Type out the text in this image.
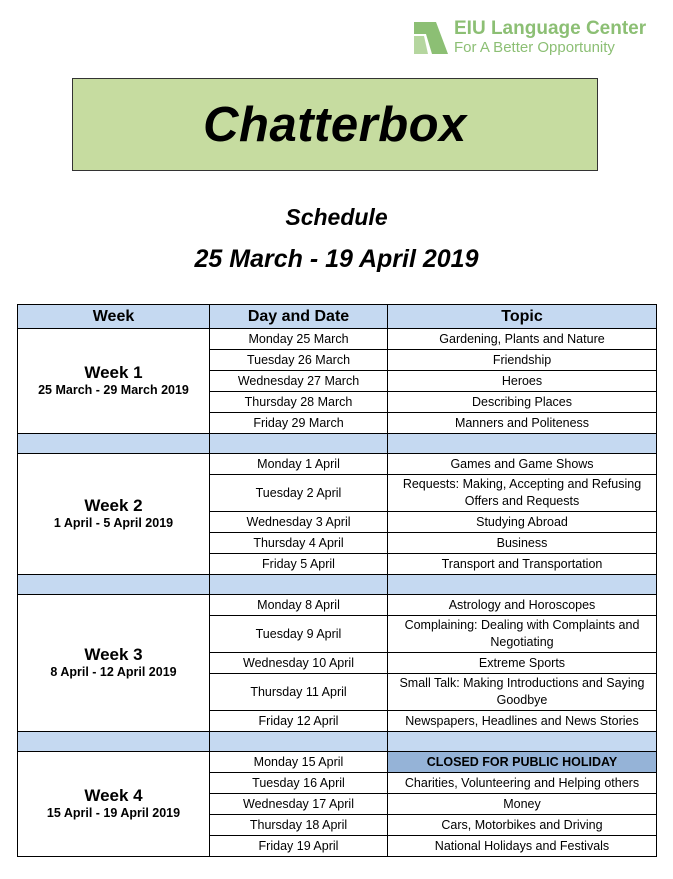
EIU Language Center
For A Better Opportunity
Chatterbox
Schedule
25 March - 19 April 2019
Week	Day and Date	Topic

Week 1
25 March - 29 March 2019	Monday 25 March	Gardening, Plants and Nature
	Tuesday 26 March	Friendship
	Wednesday 27 March	Heroes
	Thursday 28 March	Describing Places
	Friday 29 March	Manners and Politeness

Week 2
1 April - 5 April 2019	Monday 1 April	Games and Game Shows
	Tuesday 2 April	Requests: Making, Accepting and Refusing Offers and Requests
	Wednesday 3 April	Studying Abroad
	Thursday 4 April	Business
	Friday 5 April	Transport and Transportation

Week 3
8 April - 12 April 2019	Monday 8 April	Astrology and Horoscopes
	Tuesday 9 April	Complaining: Dealing with Complaints and Negotiating
	Wednesday 10 April	Extreme Sports
	Thursday 11 April	Small Talk: Making Introductions and Saying Goodbye
	Friday 12 April	Newspapers, Headlines and News Stories

Week 4
15 April - 19 April 2019	Monday 15 April	CLOSED FOR PUBLIC HOLIDAY
	Tuesday 16 April	Charities, Volunteering and Helping others
	Wednesday 17 April	Money
	Thursday 18 April	Cars, Motorbikes and Driving
	Friday 19 April	National Holidays and Festivals
